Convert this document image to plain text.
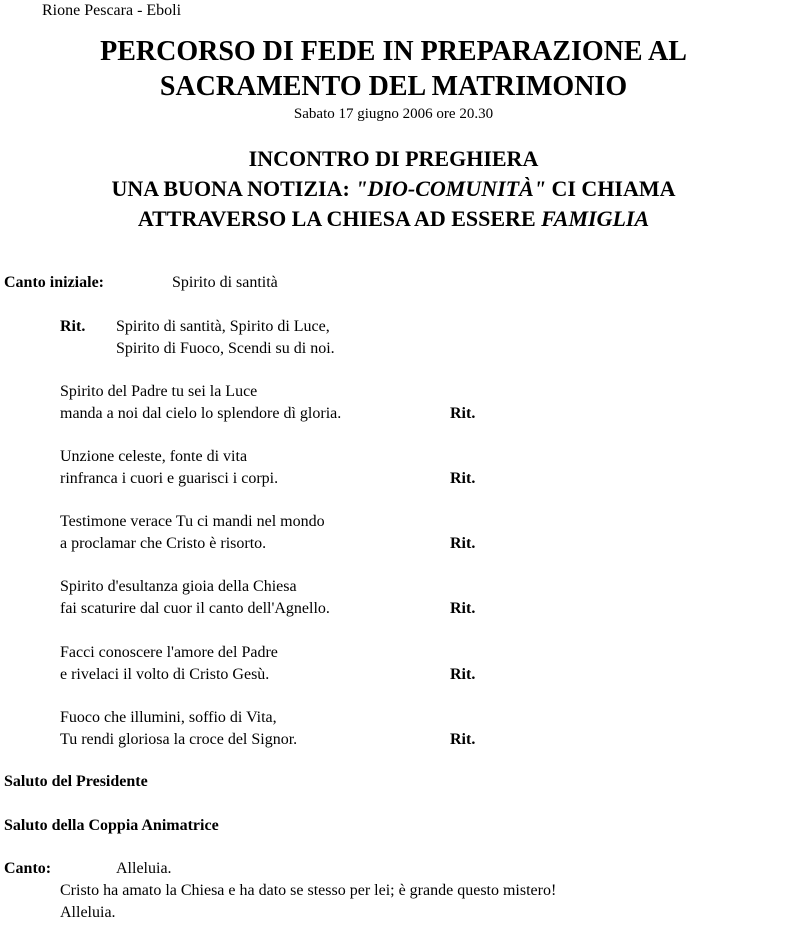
Rione Pescara - Eboli
PERCORSO DI FEDE IN PREPARAZIONE AL
SACRAMENTO DEL MATRIMONIO
Sabato 17 giugno 2006 ore 20.30
INCONTRO DI PREGHIERA
UNA BUONA NOTIZIA: "DIO-COMUNITÀ" CI CHIAMA
ATTRAVERSO LA CHIESA AD ESSERE FAMIGLIA
Canto iniziale:	Spirito di santità
Rit. Spirito di santità, Spirito di Luce,
Spirito di Fuoco, Scendi su di noi.
Spirito del Padre tu sei la Luce
manda a noi dal cielo lo splendore dì gloria.	Rit.
Unzione celeste, fonte di vita
rinfranca i cuori e guarisci i corpi.	Rit.
Testimone verace Tu ci mandi nel mondo
a proclamar che Cristo è risorto.	Rit.
Spirito d'esultanza gioia della Chiesa
fai scaturire dal cuor il canto dell'Agnello.	Rit.
Facci conoscere l'amore del Padre
e rivelaci il volto di Cristo Gesù.	Rit.
Fuoco che illumini, soffio di Vita,
Tu rendi gloriosa la croce del Signor.	Rit.
Saluto del Presidente
Saluto della Coppia Animatrice
Canto:	Alleluia.
Cristo ha amato la Chiesa e ha dato se stesso per lei; è grande questo mistero!
Alleluia.
